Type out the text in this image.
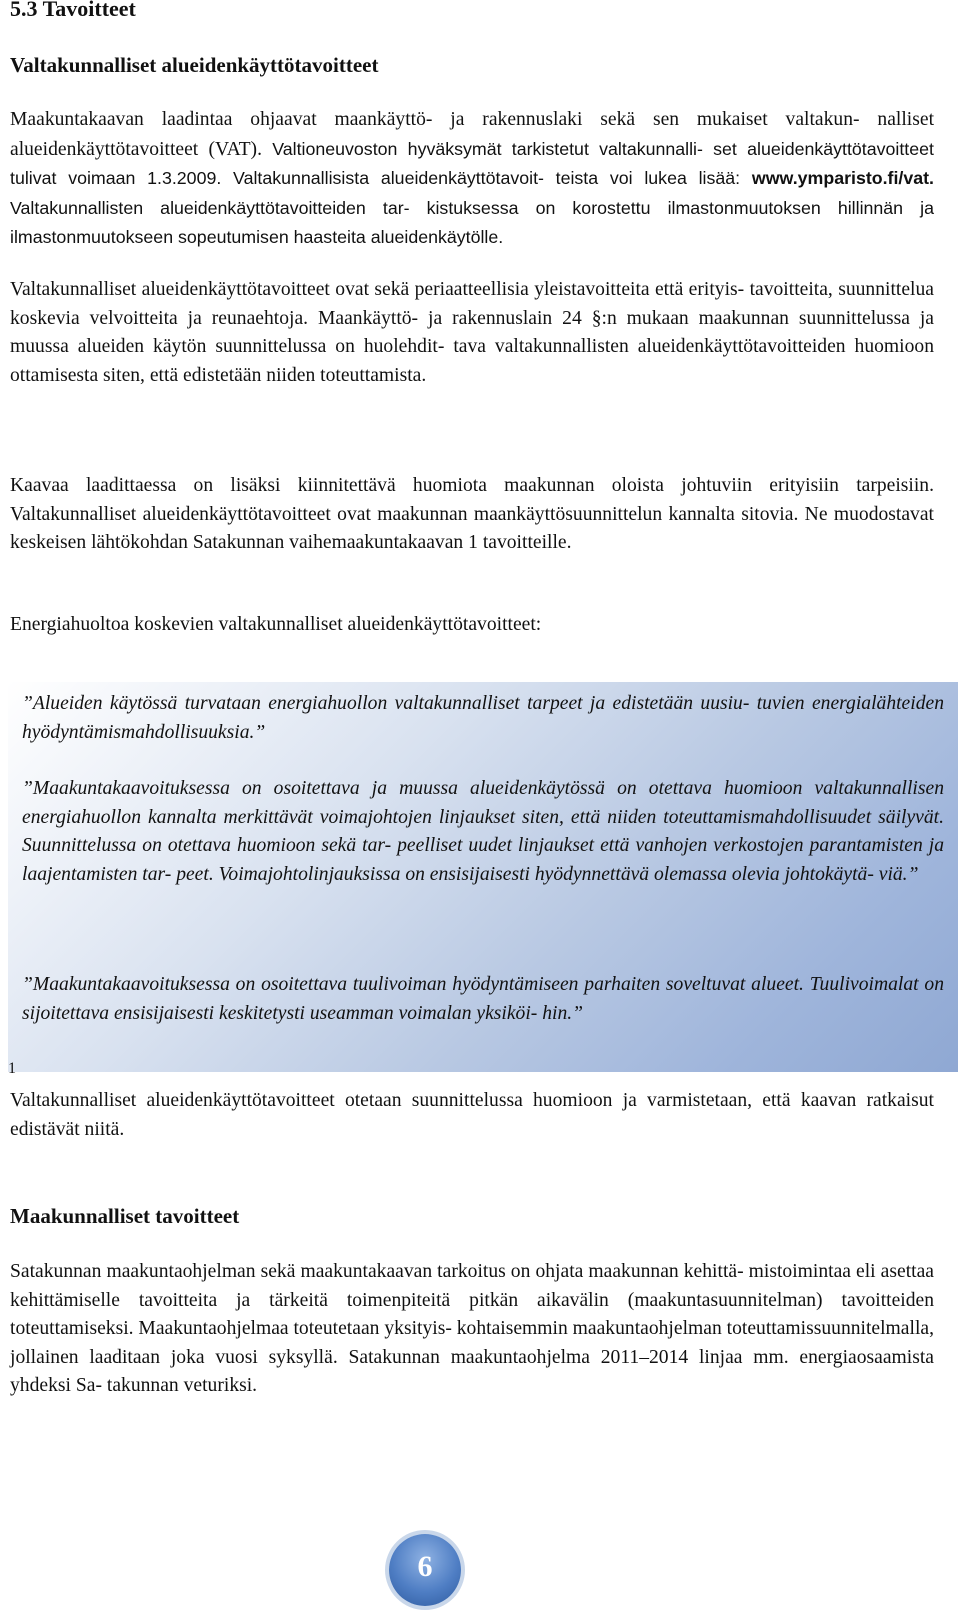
5.3 Tavoitteet
Valtakunnalliset alueidenkäyttötavoitteet

Maakuntakaavan laadintaa ohjaavat maankäyttö- ja rakennuslaki sekä sen mukaiset valtakun- nalliset alueidenkäyttötavoitteet (VAT). Valtioneuvoston hyväksymät tarkistetut valtakunnalli- set alueidenkäyttötavoitteet tulivat voimaan 1.3.2009. Valtakunnallisista alueidenkäyttötavoit- teista voi lukea lisää: www.ymparisto.fi/vat. Valtakunnallisten alueidenkäyttötavoitteiden tar- kistuksessa on korostettu ilmastonmuutoksen hillinnän ja ilmastonmuutokseen sopeutumisen haasteita alueidenkäytölle.

Valtakunnalliset alueidenkäyttötavoitteet ovat sekä periaatteellisia yleistavoitteita että erityis- tavoitteita, suunnittelua koskevia velvoitteita ja reunaehtoja. Maankäyttö- ja rakennuslain 24 §:n mukaan maakunnan suunnittelussa ja muussa alueiden käytön suunnittelussa on huolehdit- tava valtakunnallisten alueidenkäyttötavoitteiden huomioon ottamisesta siten, että edistetään niiden toteuttamista.

Kaavaa laadittaessa on lisäksi kiinnitettävä huomiota maakunnan oloista johtuviin erityisiin tarpeisiin. Valtakunnalliset alueidenkäyttötavoitteet ovat maakunnan maankäyttösuunnittelun kannalta sitovia. Ne muodostavat keskeisen lähtökohdan Satakunnan vaihemaakuntakaavan 1 tavoitteille.

Energiahuoltoa koskevien valtakunnalliset alueidenkäyttötavoitteet:

”Alueiden käytössä turvataan energiahuollon valtakunnalliset tarpeet ja edistetään uusiu- tuvien energialähteiden hyödyntämismahdollisuuksia.”

”Maakuntakaavoituksessa on osoitettava ja muussa alueidenkäytössä on otettava huomioon valtakunnallisen energiahuollon kannalta merkittävät voimajohtojen linjaukset siten, että niiden toteuttamismahdollisuudet säilyvät. Suunnittelussa on otettava huomioon sekä tar- peelliset uudet linjaukset että vanhojen verkostojen parantamisten ja laajentamisten tar- peet. Voimajohtolinjauksissa on ensisijaisesti hyödynnettävä olemassa olevia johtokäytä- viä.”

”Maakuntakaavoituksessa on osoitettava tuulivoiman hyödyntämiseen parhaiten soveltuvat alueet. Tuulivoimalat on sijoitettava ensisijaisesti keskitetysti useamman voimalan yksiköi- hin.”

1

Valtakunnalliset alueidenkäyttötavoitteet otetaan suunnittelussa huomioon ja varmistetaan, että kaavan ratkaisut edistävät niitä.

Maakunnalliset tavoitteet

Satakunnan maakuntaohjelman sekä maakuntakaavan tarkoitus on ohjata maakunnan kehittä- mistoimintaa eli asettaa kehittämiselle tavoitteita ja tärkeitä toimenpiteitä pitkän aikavälin (maakuntasuunnitelman) tavoitteiden toteuttamiseksi. Maakuntaohjelmaa toteutetaan yksityis- kohtaisemmin maakuntaohjelman toteuttamissuunnitelmalla, jollainen laaditaan joka vuosi syksyllä. Satakunnan maakuntaohjelma 2011–2014 linjaa mm. energiaosaamista yhdeksi Sa- takunnan veturiksi.

6
